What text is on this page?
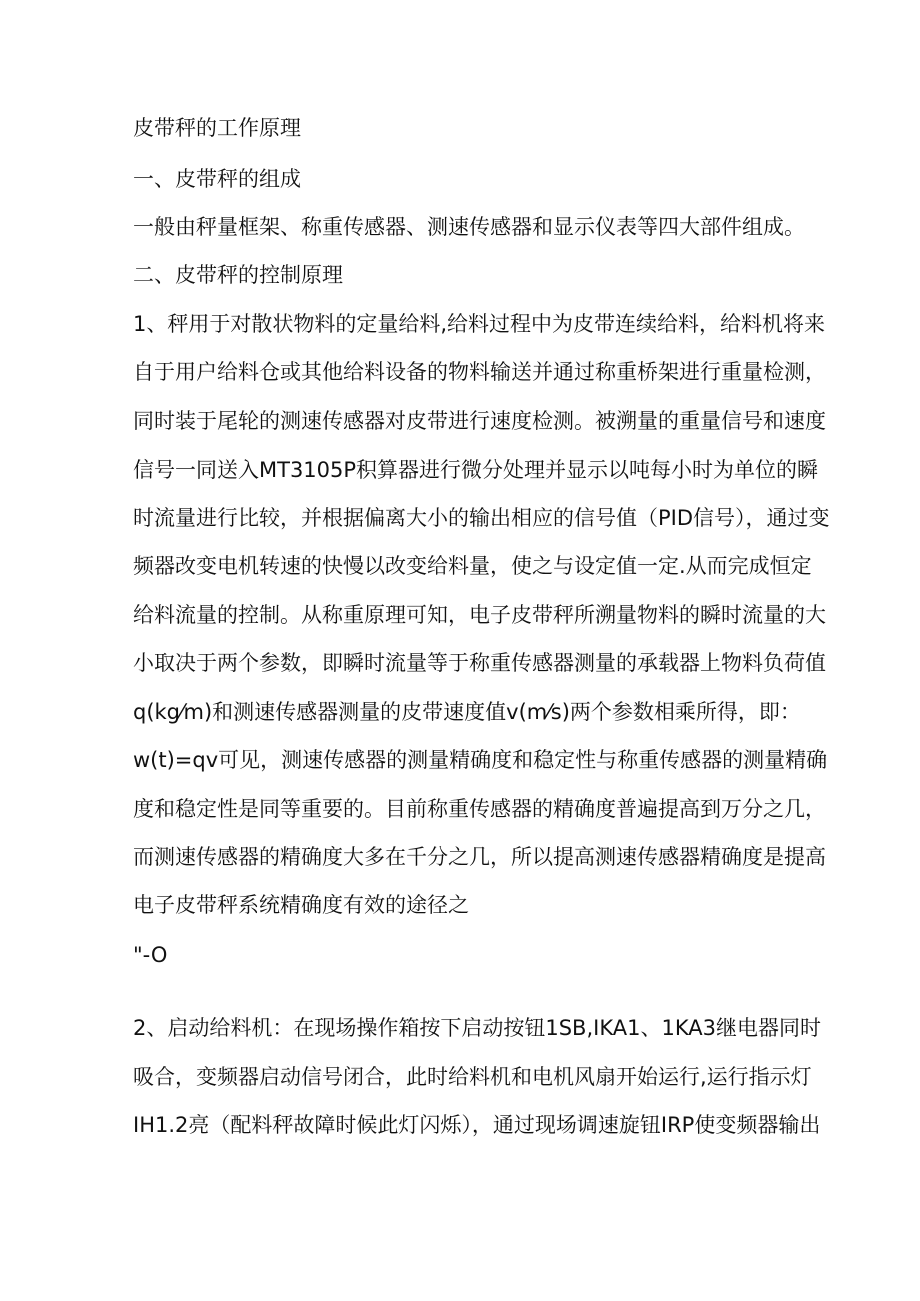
皮带秤的工作原理

一、皮带秤的组成

一般由秤量框架、称重传感器、测速传感器和显示仪表等四大部件组成。

二、皮带秤的控制原理

1、秤用于对散状物料的定量给料,给料过程中为皮带连续给料，给料机将来

自于用户给料仓或其他给料设备的物料输送并通过称重桥架进行重量检测，

同时装于尾轮的测速传感器对皮带进行速度检测。被溯量的重量信号和速度

信号一同送入MT3105P积算器进行微分处理并显示以吨每小时为单位的瞬

时流量进行比较，并根据偏离大小的输出相应的信号值（PID信号），通过变

频器改变电机转速的快慢以改变给料量，使之与设定值一定.从而完成恒定

给料流量的控制。从称重原理可知，电子皮带秤所溯量物料的瞬时流量的大

小取决于两个参数，即瞬时流量等于称重传感器测量的承载器上物料负荷值

q(kg⁄m)和测速传感器测量的皮带速度值v(m⁄s)两个参数相乘所得，即：

w(t)=qv可见，测速传感器的测量精确度和稳定性与称重传感器的测量精确

度和稳定性是同等重要的。目前称重传感器的精确度普遍提高到万分之几，

而测速传感器的精确度大多在千分之几，所以提高测速传感器精确度是提高

电子皮带秤系统精确度有效的途径之

"-O

2、启动给料机：在现场操作箱按下启动按钮1SB,IKA1、1KA3继电器同时

吸合，变频器启动信号闭合，此时给料机和电机风扇开始运行,运行指示灯

IH1.2亮（配料秤故障时候此灯闪烁），通过现场调速旋钮IRP使变频器输出
